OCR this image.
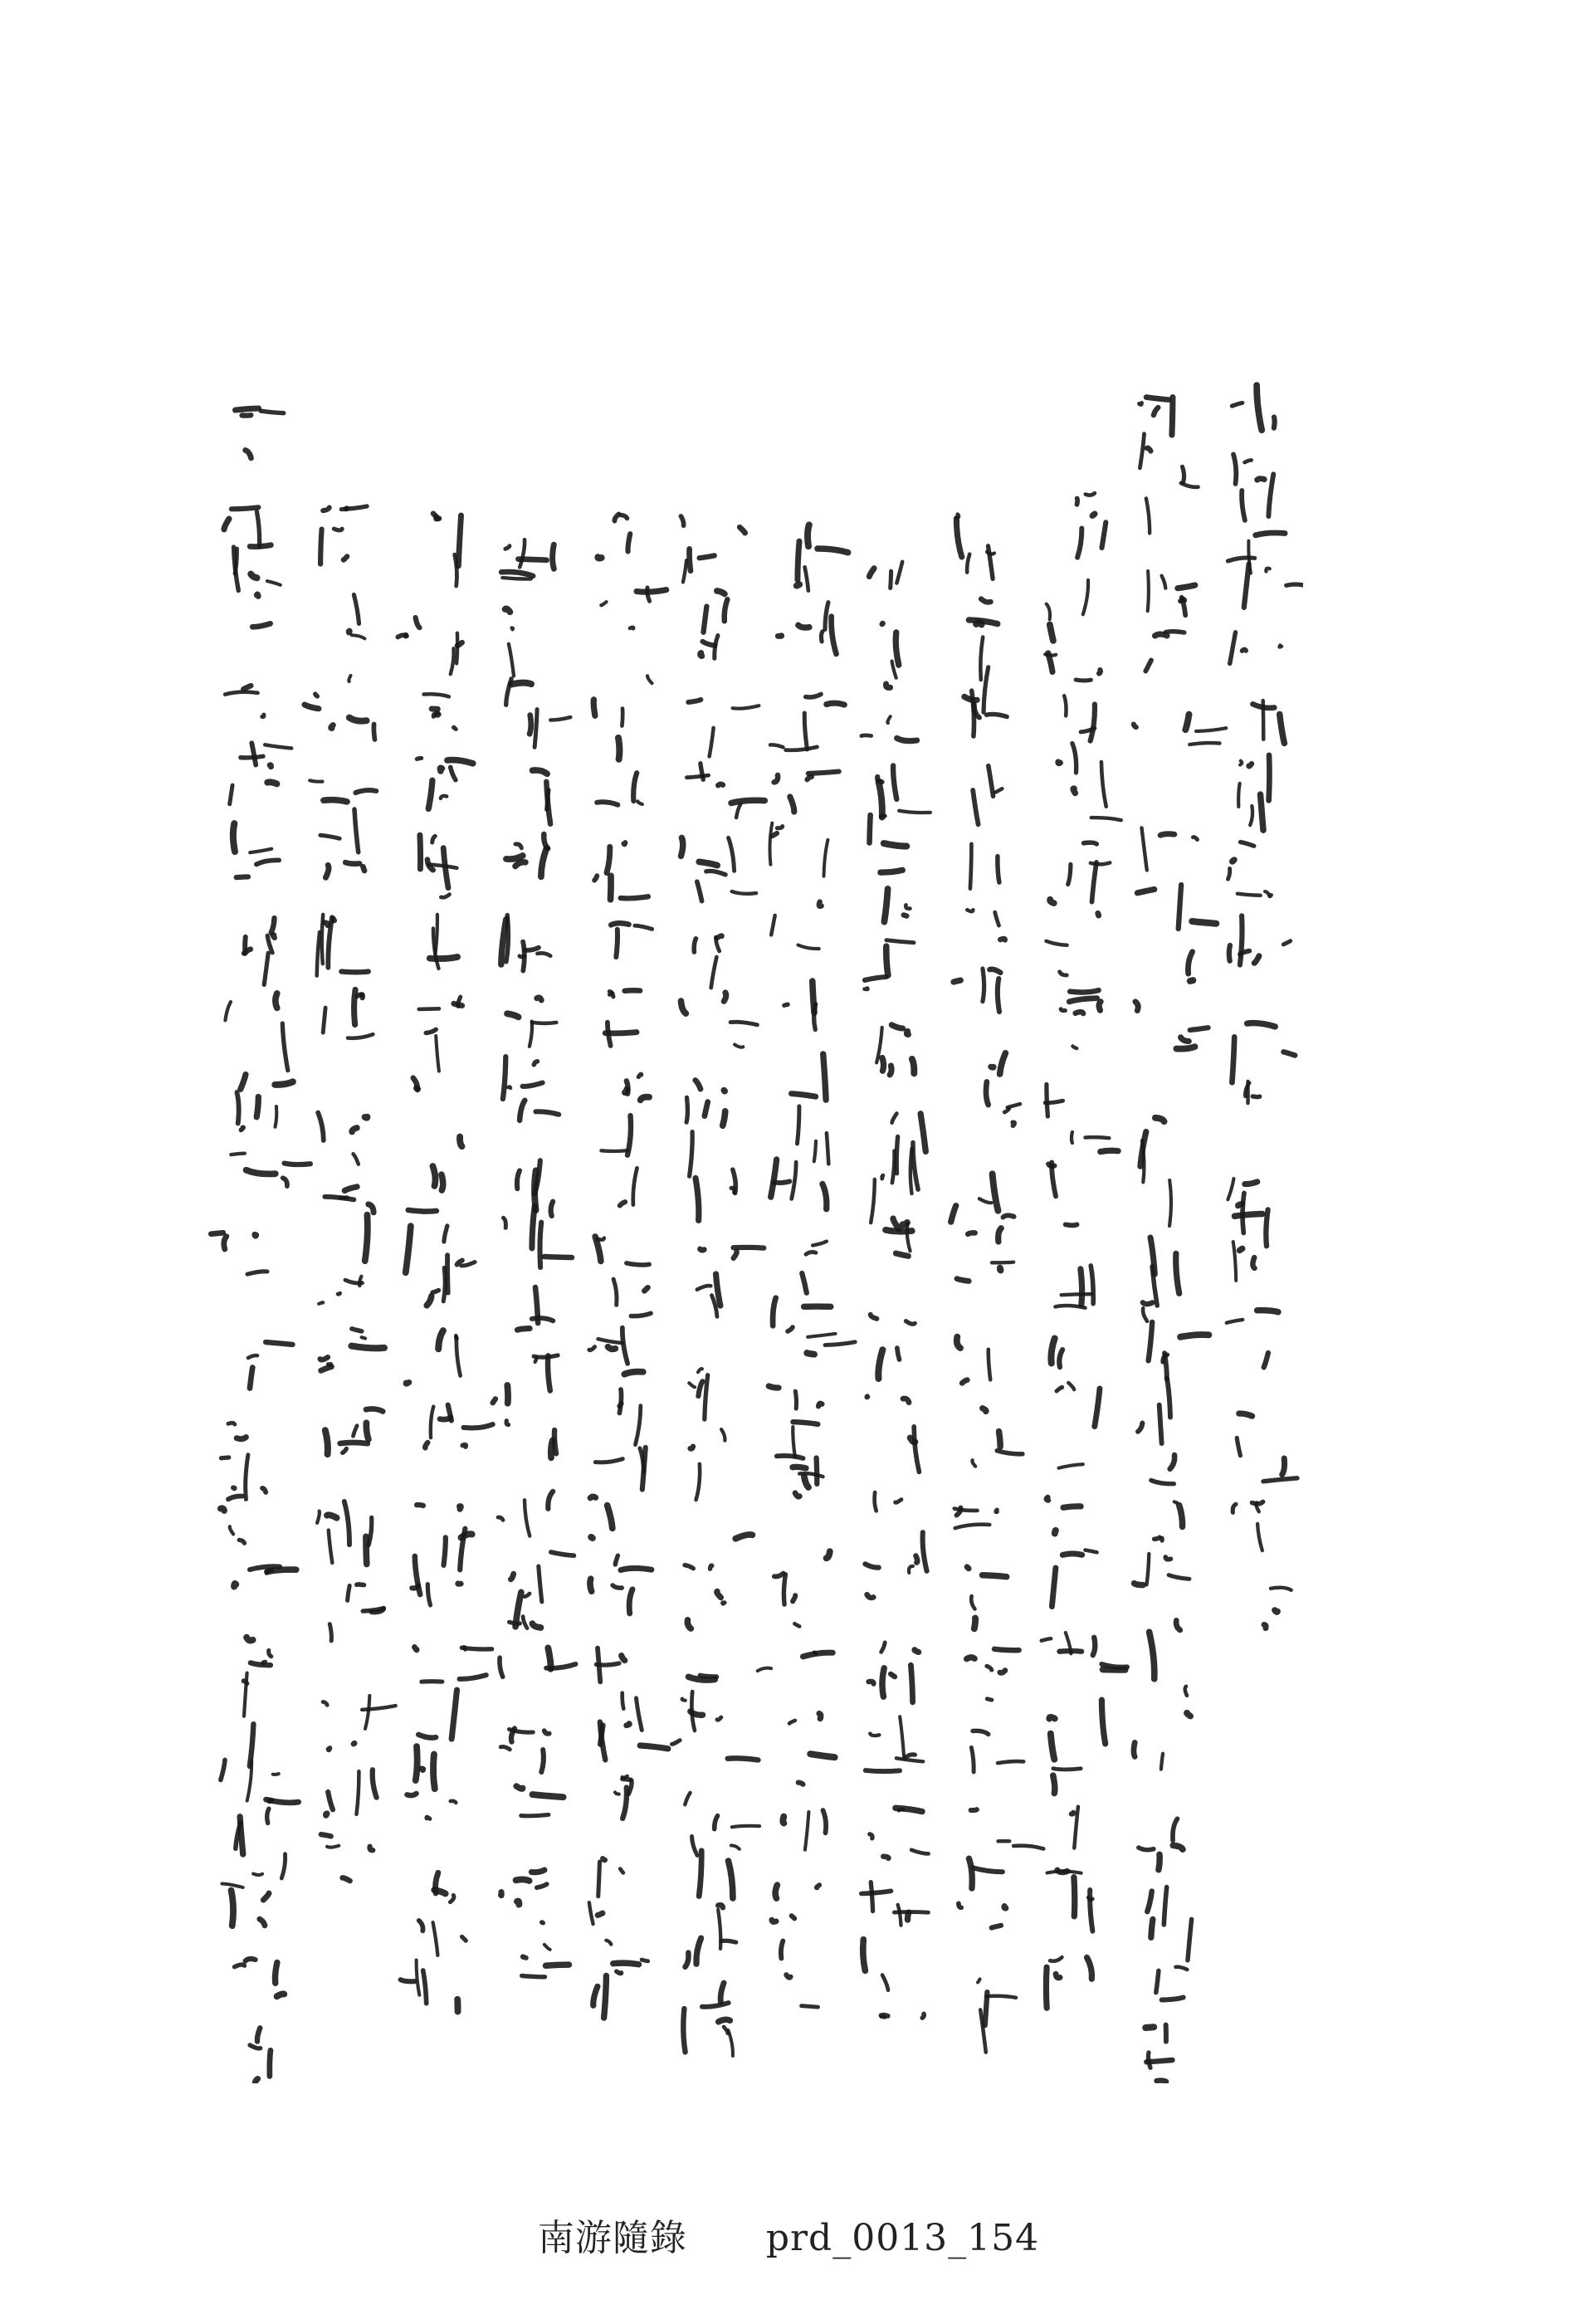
南游隨錄 prd_0013_154
